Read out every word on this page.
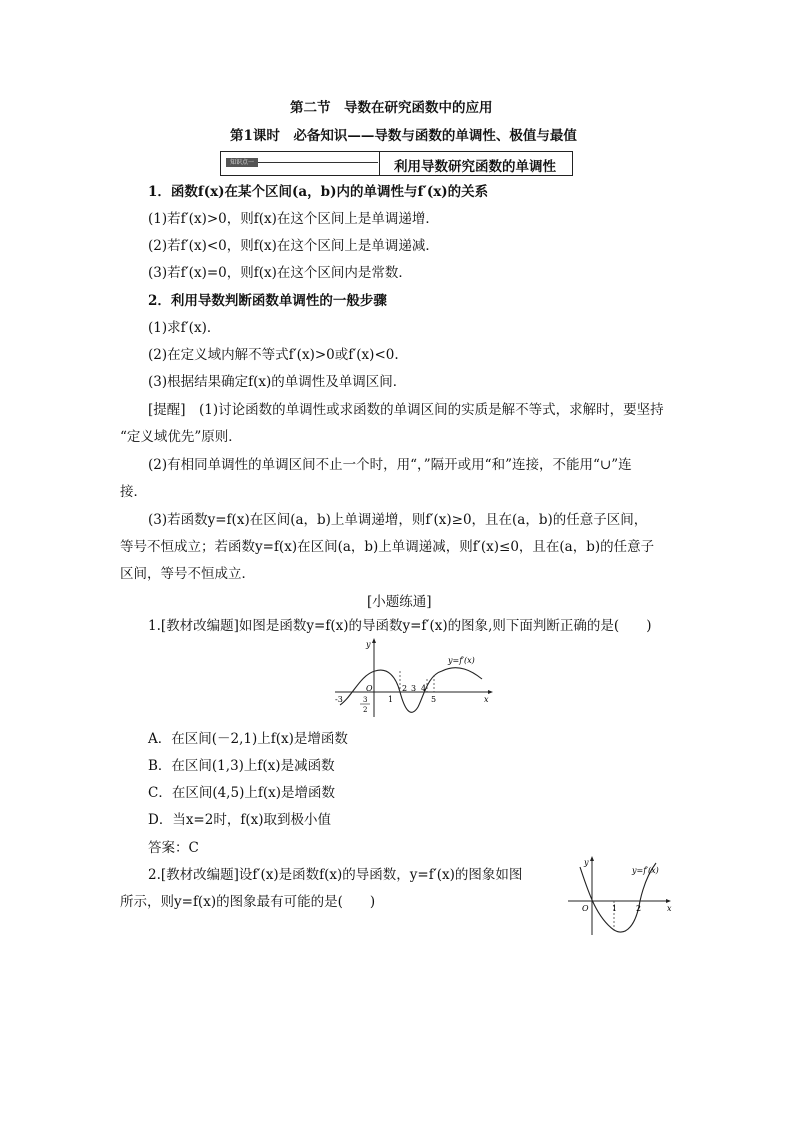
第二节　导数在研究函数中的应用
第1课时　必备知识——导数与函数的单调性、极值与最值
知识点一	利用导数研究函数的单调性
1．函数f(x)在某个区间(a，b)内的单调性与f′(x)的关系
(1)若f′(x)>0，则f(x)在这个区间上是单调递增．
(2)若f′(x)<0，则f(x)在这个区间上是单调递减．
(3)若f′(x)=0，则f(x)在这个区间内是常数．
2．利用导数判断函数单调性的一般步骤
(1)求f′(x)．
(2)在定义域内解不等式f′(x)>0或f′(x)<0.
(3)根据结果确定f(x)的单调性及单调区间．
[提醒]　(1)讨论函数的单调性或求函数的单调区间的实质是解不等式，求解时，要坚持
“定义域优先”原则．
(2)有相同单调性的单调区间不止一个时，用“，”隔开或用“和”连接，不能用“∪”连
接．
(3)若函数y=f(x)在区间(a，b)上单调递增，则f′(x)≥0，且在(a，b)的任意子区间，
等号不恒成立；若函数y=f(x)在区间(a，b)上单调递减，则f′(x)≤0，且在(a，b)的任意子
区间，等号不恒成立．
[小题练通]
1.[教材改编题]如图是函数y=f(x)的导函数y=f′(x)的图象,则下面判断正确的是(　　)
x
y
O
y=f′(x)
-3	3
2
1
2 3 4
5
A．在区间(－2,1)上f(x)是增函数
B．在区间(1,3)上f(x)是减函数
C．在区间(4,5)上f(x)是增函数
D．当x=2时，f(x)取到极小值
答案：C
2.[教材改编题]设f′(x)是函数f(x)的导函数，y=f′(x)的图象如图
所示，则y=f(x)的图象最有可能的是(　　)	x
y
O
y=f′(x)
1 2
